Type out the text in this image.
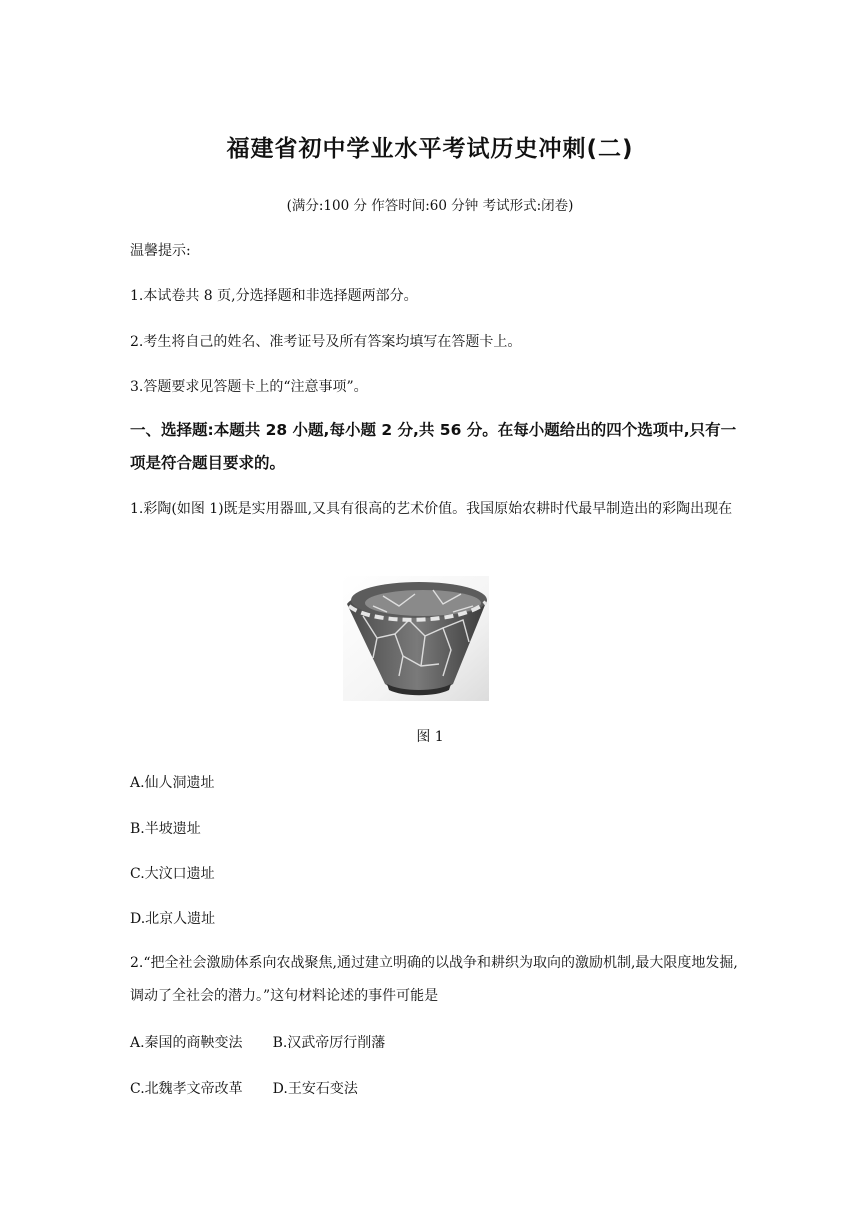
福建省初中学业水平考试历史冲刺(二)
(满分:100 分 作答时间:60 分钟 考试形式:闭卷)
温馨提示:
1.本试卷共 8 页,分选择题和非选择题两部分。
2.考生将自己的姓名、准考证号及所有答案均填写在答题卡上。
3.答题要求见答题卡上的“注意事项”。
一、选择题:本题共 28 小题,每小题 2 分,共 56 分。在每小题给出的四个选项中,只有一项是符合题目要求的。
1.彩陶(如图 1)既是实用器皿,又具有很高的艺术价值。我国原始农耕时代最早制造出的彩陶出现在
图 1
A.仙人洞遗址
B.半坡遗址
C.大汶口遗址
D.北京人遗址
2.“把全社会激励体系向农战聚焦,通过建立明确的以战争和耕织为取向的激励机制,最大限度地发掘,调动了全社会的潜力。”这句材料论述的事件可能是
A.秦国的商鞅变法 B.汉武帝厉行削藩
C.北魏孝文帝改革 D.王安石变法
